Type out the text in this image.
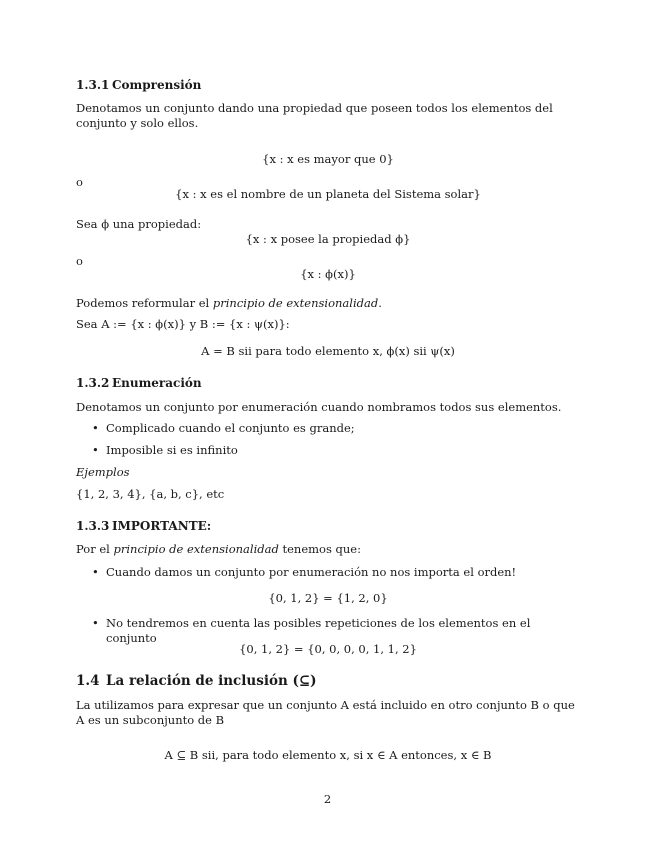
1.3.1 Comprensión

Denotamos un conjunto dando una propiedad que poseen todos los elementos del conjunto y solo ellos.

{x : x es mayor que 0}

o

{x : x es el nombre de un planeta del Sistema solar}

Sea ϕ una propiedad:

{x : x posee la propiedad ϕ}

o

{x : ϕ(x)}

Podemos reformular el principio de extensionalidad.

Sea A := {x : ϕ(x)} y B := {x : ψ(x)}:

A = B sii para todo elemento x, ϕ(x) sii ψ(x)

1.3.2 Enumeración

Denotamos un conjunto por enumeración cuando nombramos todos sus elementos.

• Complicado cuando el conjunto es grande;

• Imposible si es infinito

Ejemplos

{1, 2, 3, 4}, {a, b, c}, etc

1.3.3 IMPORTANTE:

Por el principio de extensionalidad tenemos que:

• Cuando damos un conjunto por enumeración no nos importa el orden!

{0, 1, 2} = {1, 2, 0}

• No tendremos en cuenta las posibles repeticiones de los elementos en el conjunto

{0, 1, 2} = {0, 0, 0, 0, 1, 1, 2}

1.4 La relación de inclusión (⊆)

La utilizamos para expresar que un conjunto A está incluido en otro conjunto B o que A es un subconjunto de B

A ⊆ B sii, para todo elemento x, si x ∈ A entonces, x ∈ B

2
